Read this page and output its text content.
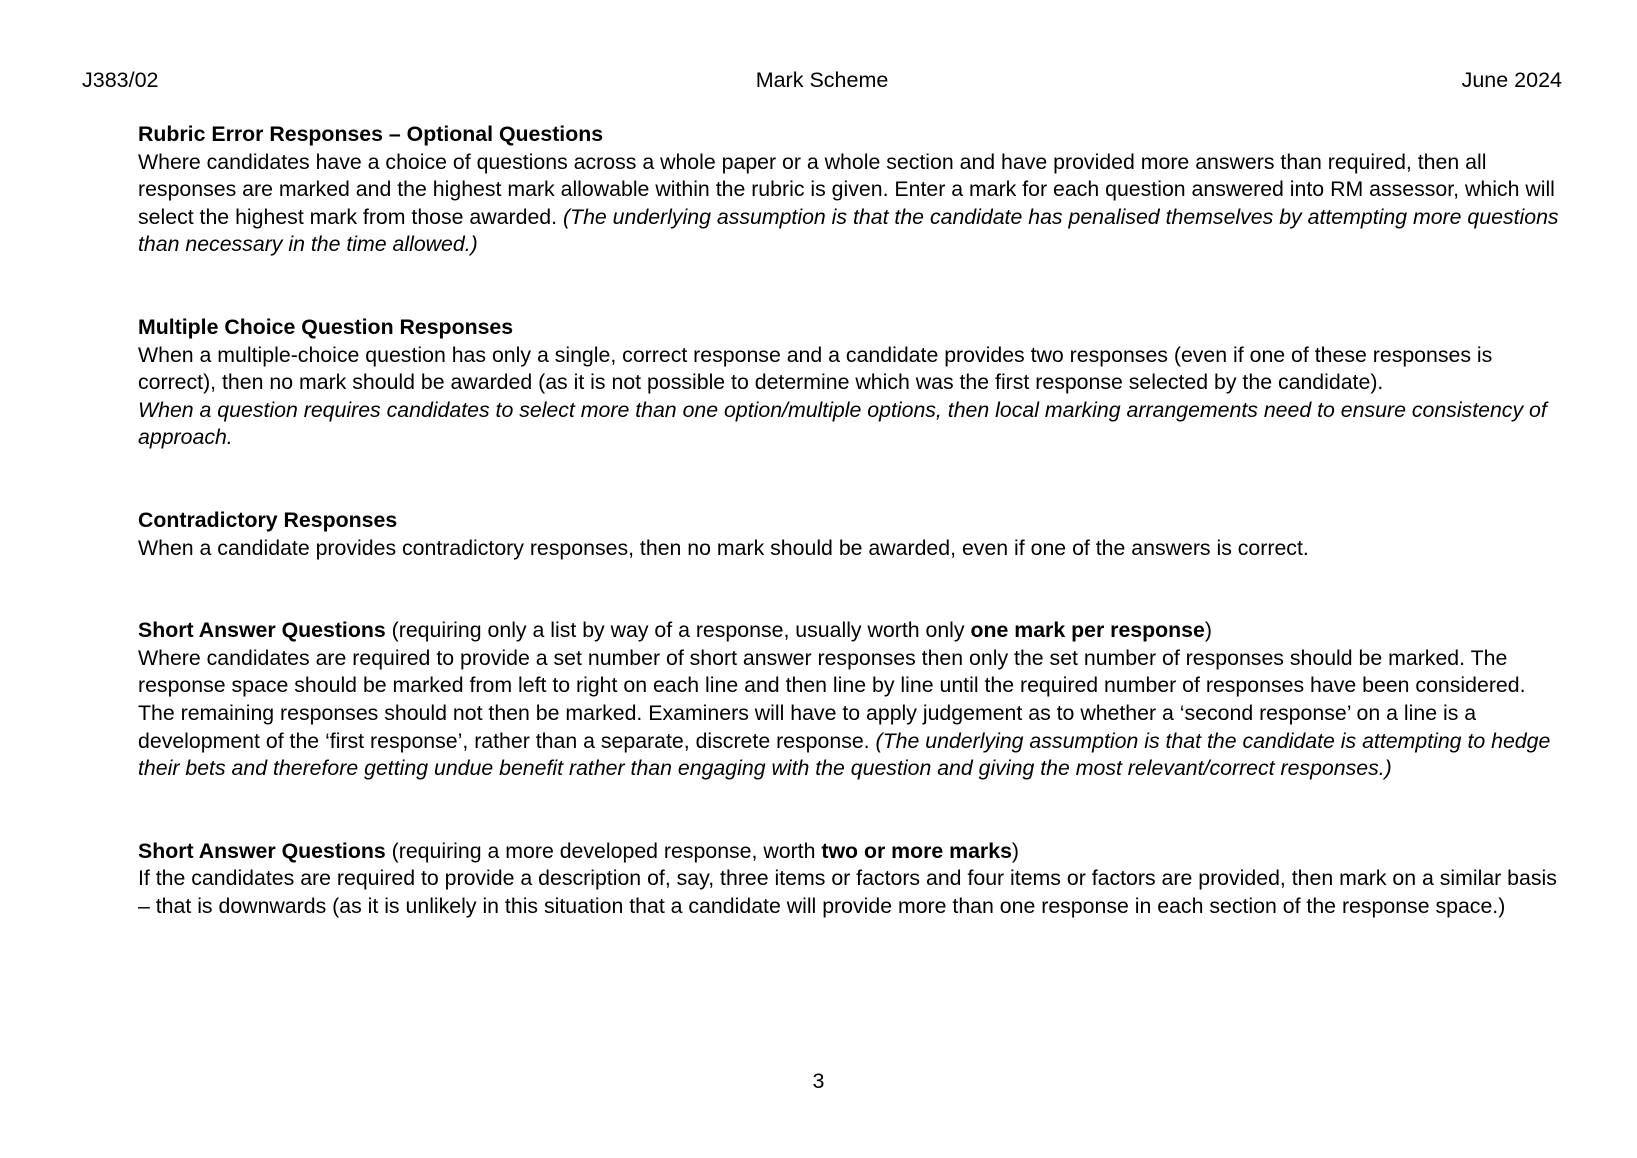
J383/02	Mark Scheme	June 2024

Rubric Error Responses – Optional Questions

Where candidates have a choice of questions across a whole paper or a whole section and have provided more answers than required, then all responses are marked and the highest mark allowable within the rubric is given. Enter a mark for each question answered into RM assessor, which will select the highest mark from those awarded. (The underlying assumption is that the candidate has penalised themselves by attempting more questions than necessary in the time allowed.)

Multiple Choice Question Responses

When a multiple-choice question has only a single, correct response and a candidate provides two responses (even if one of these responses is correct), then no mark should be awarded (as it is not possible to determine which was the first response selected by the candidate).

When a question requires candidates to select more than one option/multiple options, then local marking arrangements need to ensure consistency of approach.

Contradictory Responses

When a candidate provides contradictory responses, then no mark should be awarded, even if one of the answers is correct.

Short Answer Questions (requiring only a list by way of a response, usually worth only one mark per response)

Where candidates are required to provide a set number of short answer responses then only the set number of responses should be marked. The response space should be marked from left to right on each line and then line by line until the required number of responses have been considered. The remaining responses should not then be marked. Examiners will have to apply judgement as to whether a ‘second response’ on a line is a development of the ‘first response’, rather than a separate, discrete response. (The underlying assumption is that the candidate is attempting to hedge their bets and therefore getting undue benefit rather than engaging with the question and giving the most relevant/correct responses.)

Short Answer Questions (requiring a more developed response, worth two or more marks)

If the candidates are required to provide a description of, say, three items or factors and four items or factors are provided, then mark on a similar basis – that is downwards (as it is unlikely in this situation that a candidate will provide more than one response in each section of the response space.)

3
